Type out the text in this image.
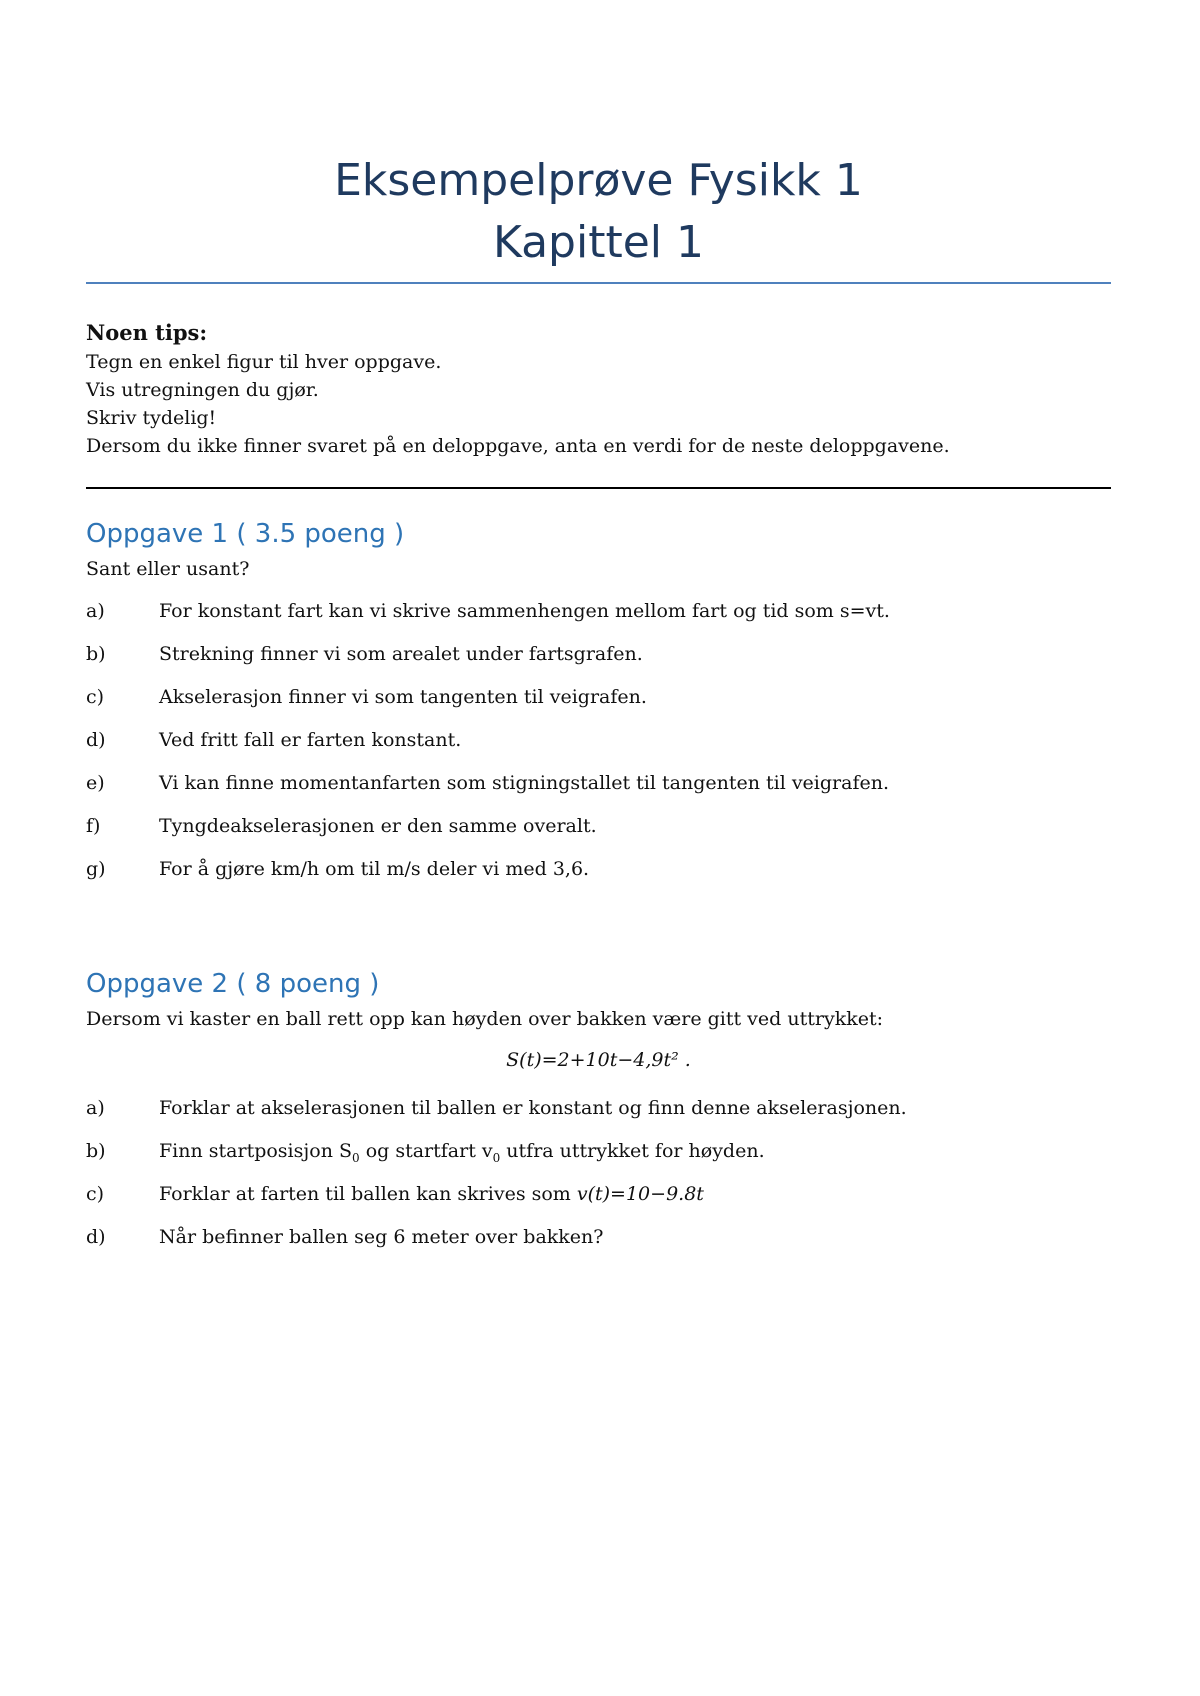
Eksempelprøve Fysikk 1
Kapittel 1
Noen tips:
Tegn en enkel figur til hver oppgave.
Vis utregningen du gjør.
Skriv tydelig!
Dersom du ikke finner svaret på en deloppgave, anta en verdi for de neste deloppgavene.
Oppgave 1 ( 3.5 poeng )
Sant eller usant?
a)	For konstant fart kan vi skrive sammenhengen mellom fart og tid som s=vt.
b)	Strekning finner vi som arealet under fartsgrafen.
c)	Akselerasjon finner vi som tangenten til veigrafen.
d)	Ved fritt fall er farten konstant.
e)	Vi kan finne momentanfarten som stigningstallet til tangenten til veigrafen.
f)	Tyngdeakselerasjonen er den samme overalt.
g)	For å gjøre km/h om til m/s deler vi med 3,6.
Oppgave 2 ( 8 poeng )
Dersom vi kaster en ball rett opp kan høyden over bakken være gitt ved uttrykket:
S(t)=2+10t−4,9t² .
a)	Forklar at akselerasjonen til ballen er konstant og finn denne akselerasjonen.
b)	Finn startposisjon $S_0$ og startfart $v_0$ utfra uttrykket for høyden.
c)	Forklar at farten til ballen kan skrives som v(t)=10−9.8t
d)	Når befinner ballen seg 6 meter over bakken?
